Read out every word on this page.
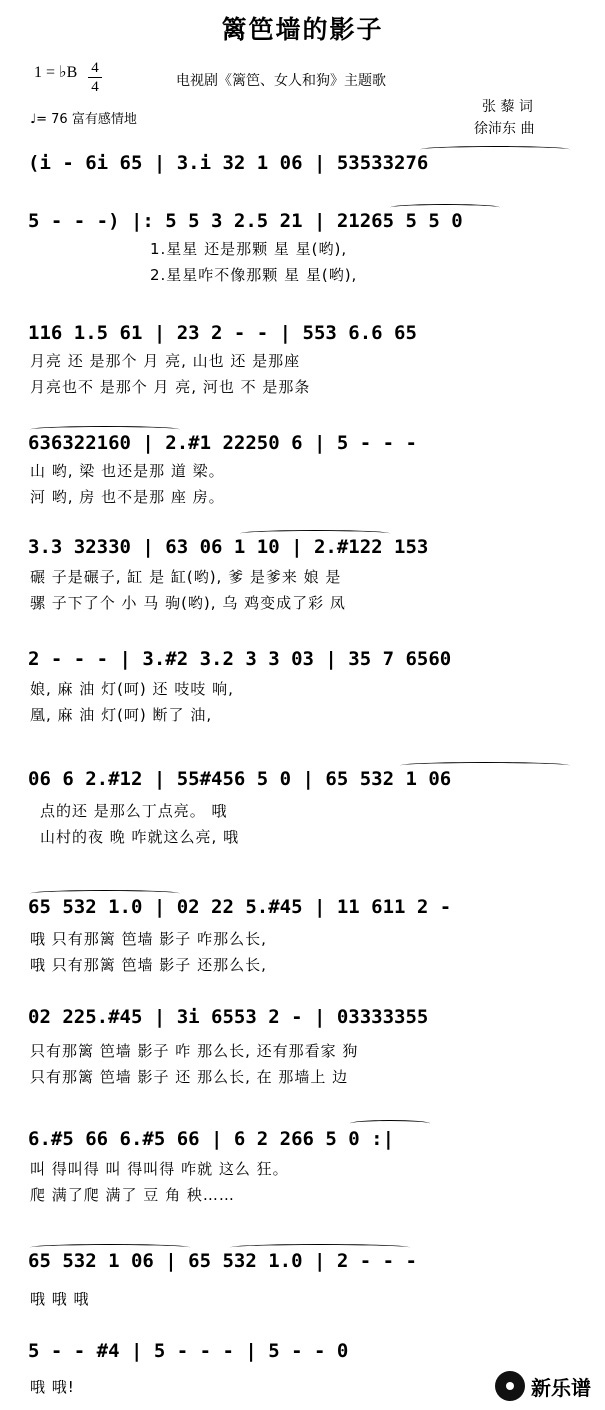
篱笆墙的影子
1 = ♭B 4
4	电视剧《篱笆、女人和狗》主题歌
♩= 76 富有感情地
张 藜 词
徐沛东 曲
(i - 6i 65 | 3.i 32 1 06 | 53533276
5 - - -) |: 5 5 3 2.5 21 | 21265 5 5 0
1.星星 还是那颗 星 星(哟),
2.星星咋不像那颗 星 星(哟),
116 1.5 61 | 23 2 - - | 553 6.6 65
月亮 还 是那个 月 亮, 山也 还 是那座
月亮也不 是那个 月 亮, 河也 不 是那条
636322160 | 2.#1 22250 6 | 5 - - -
山 哟, 梁 也还是那 道 梁。
河 哟, 房 也不是那 座 房。
3.3 32330 | 63 06 1 10 | 2.#122 153
碾 子是碾子, 缸 是 缸(哟), 爹 是爹来 娘 是
骡 子下了个 小 马 驹(哟), 乌 鸡变成了彩 凤
2 - - - | 3.#2 3.2 3 3 03 | 35 7 6560
娘, 麻 油 灯(呵) 还 吱吱 响,
凰, 麻 油 灯(呵) 断了 油,
06 6 2.#12 | 55#456 5 0 | 65 532 1 06
点的还 是那么丁点亮。 哦
山村的夜 晚 咋就这么亮, 哦
65 532 1.0 | 02 22 5.#45 | 11 611 2 -
哦 只有那篱 笆墙 影子 咋那么长,
哦 只有那篱 笆墙 影子 还那么长,
02 225.#45 | 3i 6553 2 - | 03333355
只有那篱 笆墙 影子 咋 那么长, 还有那看家 狗
只有那篱 笆墙 影子 还 那么长, 在 那墙上 边
6.#5 66 6.#5 66 | 6 2 266 5 0 :|
叫 得叫得 叫 得叫得 咋就 这么 狂。
爬 满了爬 满了 豆 角 秧……
65 532 1 06 | 65 532 1.0 | 2 - - -
哦 哦 哦
5 - - #4 | 5 - - - | 5 - - 0
哦 哦!	新乐谱
